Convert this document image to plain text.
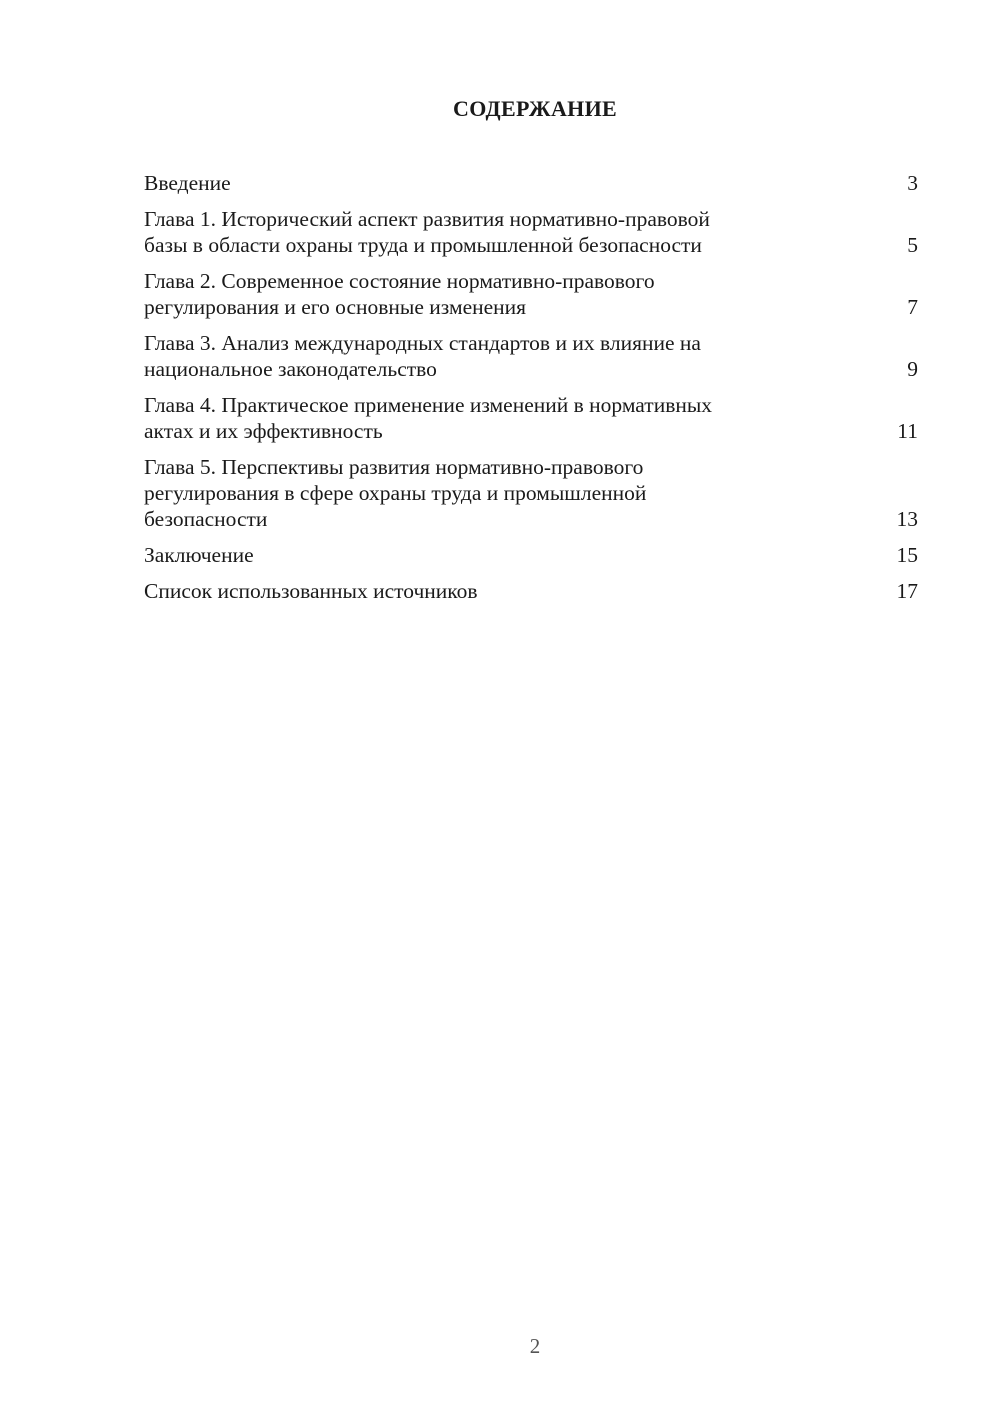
СОДЕРЖАНИЕ
Введение	3
Глава 1. Исторический аспект развития нормативно-правовой
базы в области охраны труда и промышленной безопасности	5
Глава 2. Современное состояние нормативно-правового
регулирования и его основные изменения	7
Глава 3. Анализ международных стандартов и их влияние на
национальное законодательство	9
Глава 4. Практическое применение изменений в нормативных
актах и их эффективность	11
Глава 5. Перспективы развития нормативно-правового
регулирования в сфере охраны труда и промышленной
безопасности	13
Заключение	15
Список использованных источников	17
2
